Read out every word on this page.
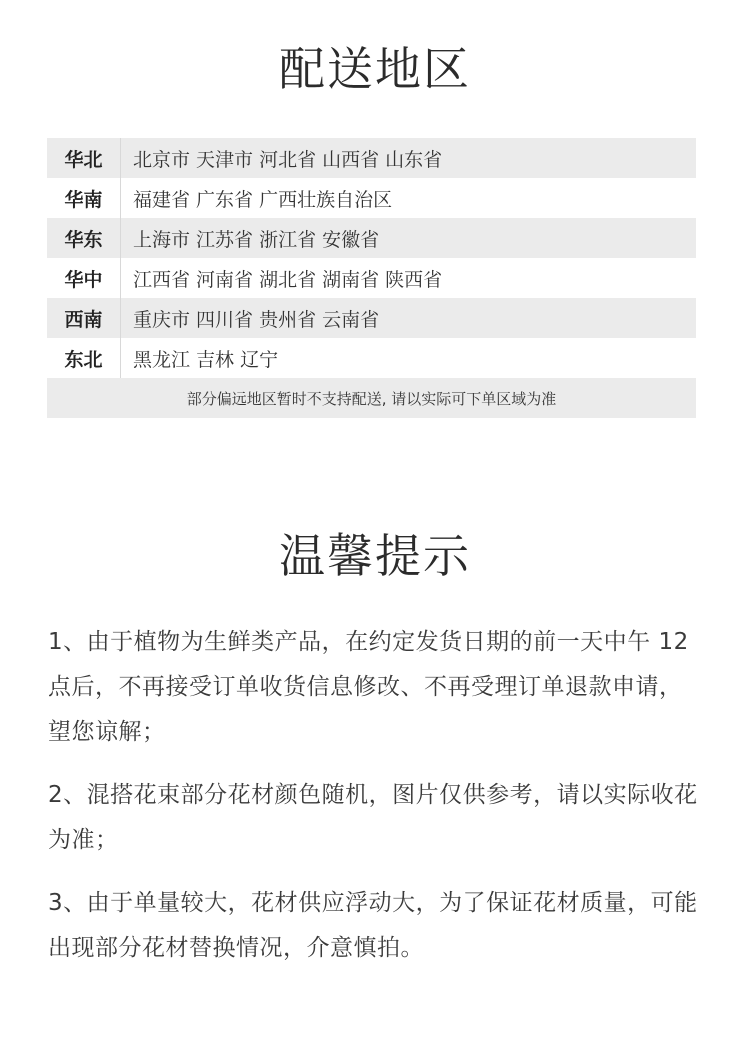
配送地区
华北	北京市 天津市 河北省 山西省 山东省
华南	福建省 广东省 广西壮族自治区
华东	上海市 江苏省 浙江省 安徽省
华中	江西省 河南省 湖北省 湖南省 陕西省
西南	重庆市 四川省 贵州省 云南省
东北	黑龙江 吉林 辽宁
部分偏远地区暂时不支持配送, 请以实际可下单区域为准
温馨提示

1、由于植物为生鲜类产品，在约定发货日期的前一天中午 12 点后，不再接受订单收货信息修改、不再受理订单退款申请，望您谅解；

2、混搭花束部分花材颜色随机，图片仅供参考，请以实际收花为准；

3、由于单量较大，花材供应浮动大，为了保证花材质量，可能出现部分花材替换情况，介意慎拍。
